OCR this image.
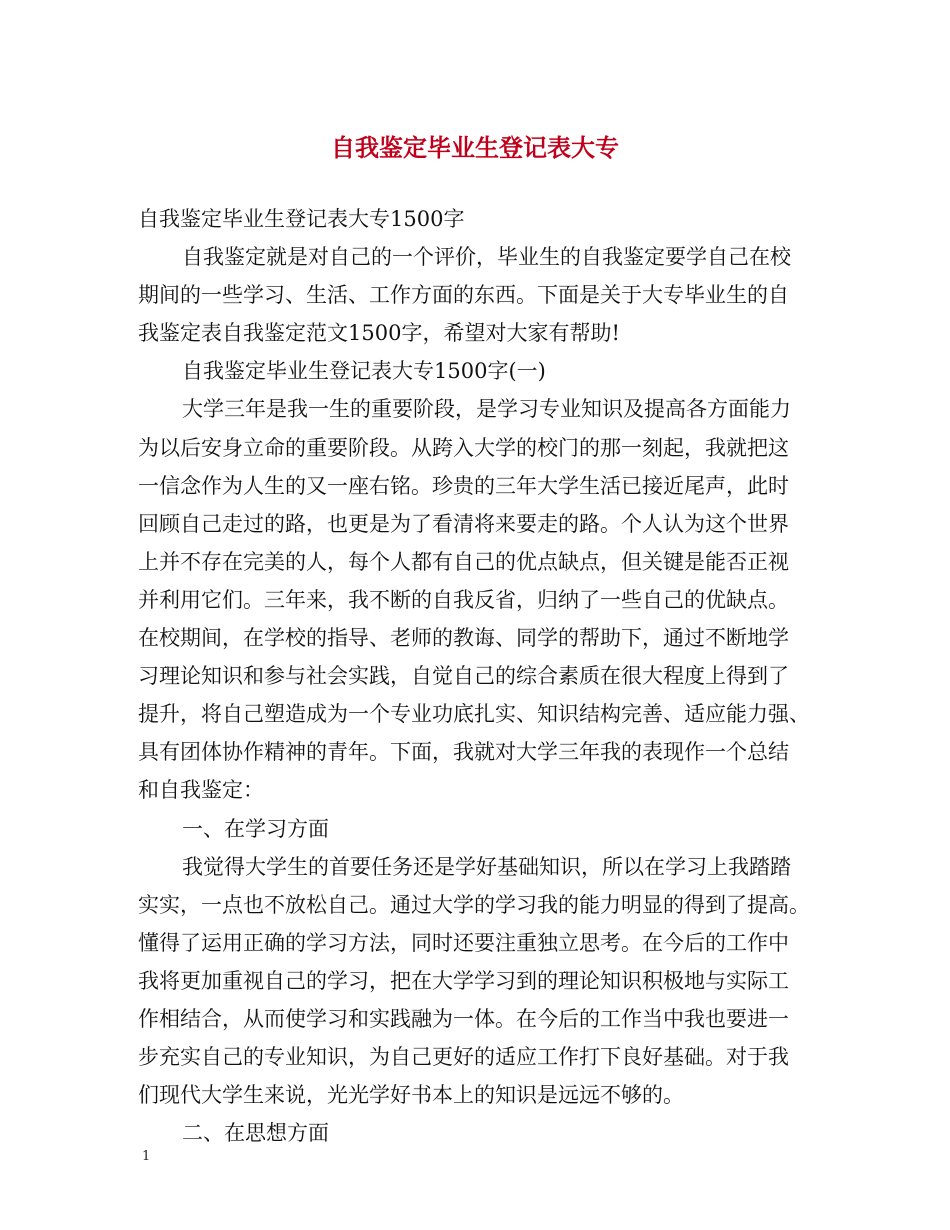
自我鉴定毕业生登记表大专
自我鉴定毕业生登记表大专1500字
自我鉴定就是对自己的一个评价，毕业生的自我鉴定要学自己在校
期间的一些学习、生活、工作方面的东西。下面是关于大专毕业生的自
我鉴定表自我鉴定范文1500字，希望对大家有帮助!
自我鉴定毕业生登记表大专1500字(一)
大学三年是我一生的重要阶段，是学习专业知识及提高各方面能力
为以后安身立命的重要阶段。从跨入大学的校门的那一刻起，我就把这
一信念作为人生的又一座右铭。珍贵的三年大学生活已接近尾声，此时
回顾自己走过的路，也更是为了看清将来要走的路。个人认为这个世界
上并不存在完美的人，每个人都有自己的优点缺点，但关键是能否正视
并利用它们。三年来，我不断的自我反省，归纳了一些自己的优缺点。
在校期间，在学校的指导、老师的教诲、同学的帮助下，通过不断地学
习理论知识和参与社会实践，自觉自己的综合素质在很大程度上得到了
提升，将自己塑造成为一个专业功底扎实、知识结构完善、适应能力强、
具有团体协作精神的青年。下面，我就对大学三年我的表现作一个总结
和自我鉴定：
一、在学习方面
我觉得大学生的首要任务还是学好基础知识，所以在学习上我踏踏
实实，一点也不放松自己。通过大学的学习我的能力明显的得到了提高。
懂得了运用正确的学习方法，同时还要注重独立思考。在今后的工作中
我将更加重视自己的学习，把在大学学习到的理论知识积极地与实际工
作相结合，从而使学习和实践融为一体。在今后的工作当中我也要进一
步充实自己的专业知识，为自己更好的适应工作打下良好基础。对于我
们现代大学生来说，光光学好书本上的知识是远远不够的。
二、在思想方面
1
